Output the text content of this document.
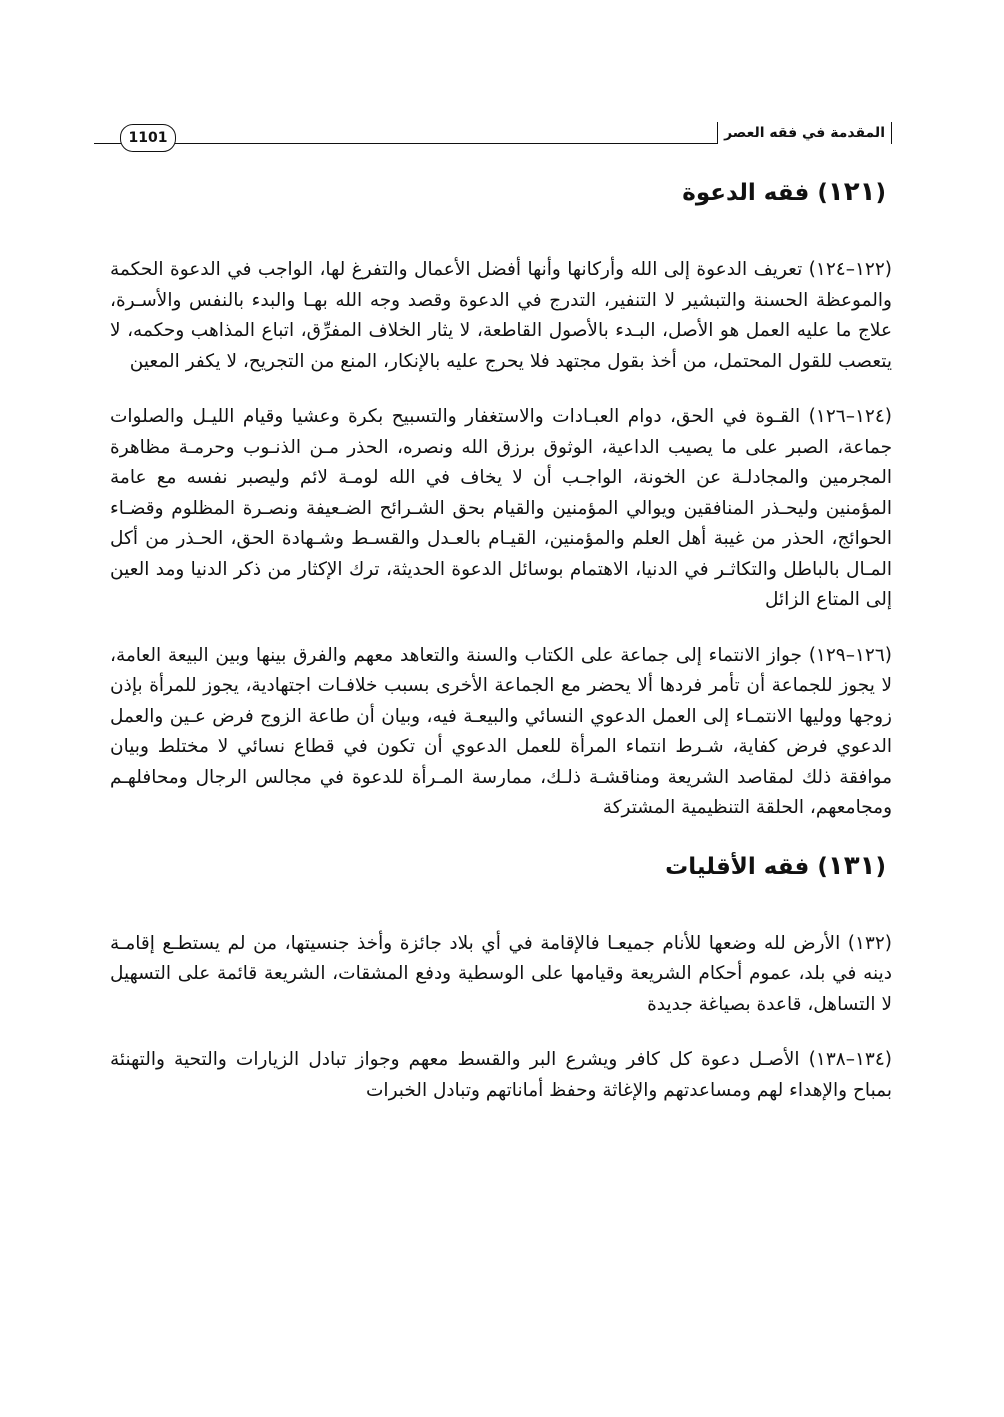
المقدمة في فقه العصر
1101
(١٢١) فقه الدعوة

(١٢٢–١٢٤) تعريف الدعوة إلى الله وأركانها وأنها أفضل الأعمال والتفرغ لها، الواجب في الدعوة الحكمة والموعظة الحسنة والتبشير لا التنفير، التدرج في الدعوة وقصد وجه الله بهـا والبدء بالنفس والأسـرة، علاج ما عليه العمل هو الأصل، البـدء بالأصول القاطعة، لا يثار الخلاف المفرِّق، اتباع المذاهب وحكمه، لا يتعصب للقول المحتمل، من أخذ بقول مجتهد فلا يحرج عليه بالإنكار، المنع من التجريح، لا يكفر المعين

(١٢٤–١٢٦) القـوة في الحق، دوام العبـادات والاستغفار والتسبيح بكرة وعشيا وقيام الليـل والصلوات جماعة، الصبر على ما يصيب الداعية، الوثوق برزق الله ونصره، الحذر مـن الذنـوب وحرمـة مظاهرة المجرمين والمجادلـة عن الخونة، الواجـب أن لا يخاف في الله لومـة لائم وليصبر نفسه مع عامة المؤمنين وليحـذر المنافقين ويوالي المؤمنين والقيام بحق الشـرائح الضـعيفة ونصـرة المظلوم وقضـاء الحوائج، الحذر من غيبة أهل العلم والمؤمنين، القيـام بالعـدل والقسـط وشـهادة الحق، الحـذر من أكل المـال بالباطل والتكاثـر في الدنيا، الاهتمام بوسائل الدعوة الحديثة، ترك الإكثار من ذكر الدنيا ومد العين إلى المتاع الزائل

(١٢٦–١٢٩) جواز الانتماء إلى جماعة على الكتاب والسنة والتعاهد معهم والفرق بينها وبين البيعة العامة، لا يجوز للجماعة أن تأمر فردها ألا يحضر مع الجماعة الأخرى بسبب خلافـات اجتهادية، يجوز للمرأة بإذن زوجها ووليها الانتمـاء إلى العمل الدعوي النسائي والبيعـة فيه، وبيان أن طاعة الزوج فرض عـين والعمل الدعوي فرض كفاية، شـرط انتماء المرأة للعمل الدعوي أن تكون في قطاع نسائي لا مختلط وبيان موافقة ذلك لمقاصد الشريعة ومناقشـة ذلـك، ممارسة المـرأة للدعوة في مجالس الرجال ومحافلهـم ومجامعهم، الحلقة التنظيمية المشتركة

(١٣١) فقه الأقليات

(١٣٢) الأرض لله وضعها للأنام جميعـا فالإقامة في أي بلاد جائزة وأخذ جنسيتها، من لم يستطـع إقامـة دينه في بلد، عموم أحكام الشريعة وقيامها على الوسطية ودفع المشقات، الشريعة قائمة على التسهيل لا التساهل، قاعدة بصياغة جديدة

(١٣٤–١٣٨) الأصـل دعوة كل كافر ويشرع البر والقسط معهم وجواز تبادل الزيارات والتحية والتهنئة بمباح والإهداء لهم ومساعدتهم والإغاثة وحفظ أماناتهم وتبادل الخبرات
